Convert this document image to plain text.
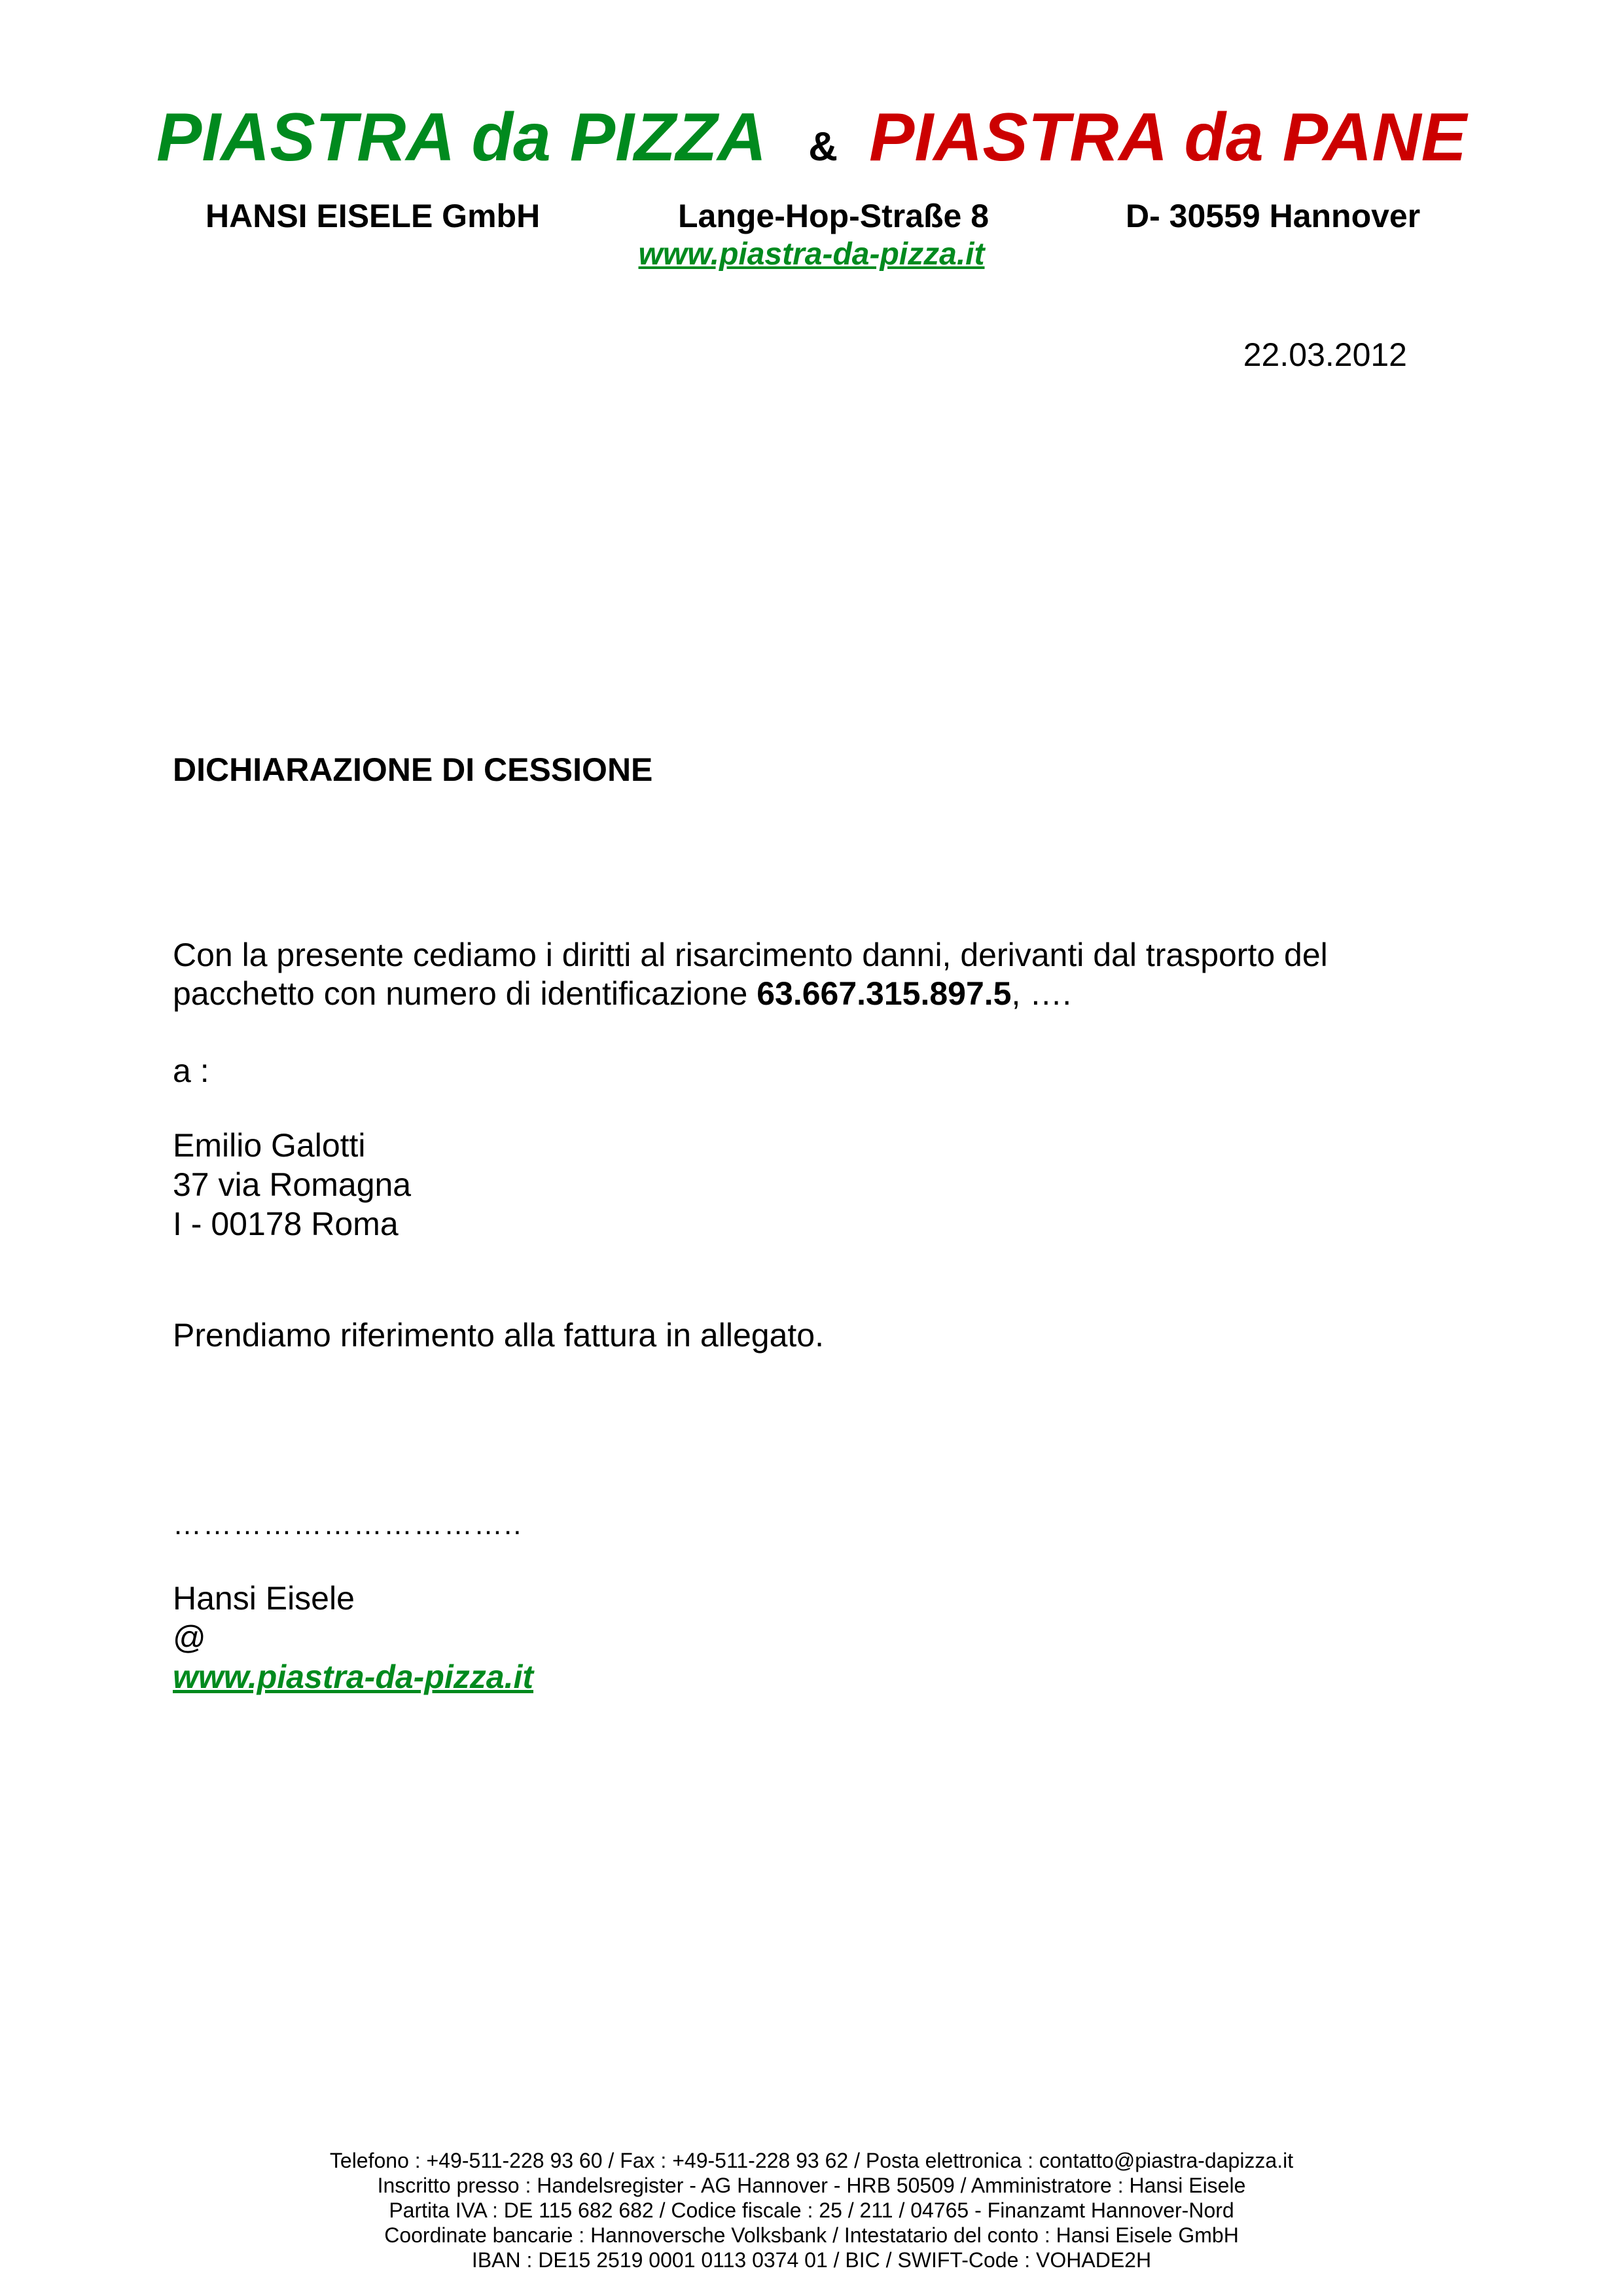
PIASTRA da PIZZA & PIASTRA da PANE
HANSI EISELE GmbH	Lange-Hop-Straße 8	D- 30559 Hannover
www.piastra-da-pizza.it
22.03.2012
DICHIARAZIONE DI CESSIONE
Con la presente cediamo i diritti al risarcimento danni, derivanti dal trasporto del
pacchetto con numero di identificazione 63.667.315.897.5, ….
a :
Emilio Galotti
37 via Romagna
I - 00178 Roma
Prendiamo riferimento alla fattura in allegato.
……………………………..
Hansi Eisele
@
www.piastra-da-pizza.it
Telefono : +49-511-228 93 60 / Fax : +49-511-228 93 62 / Posta elettronica : contatto@piastra-dapizza.it
Inscritto presso : Handelsregister - AG Hannover - HRB 50509 / Amministratore : Hansi Eisele
Partita IVA : DE 115 682 682 / Codice fiscale : 25 / 211 / 04765 - Finanzamt Hannover-Nord
Coordinate bancarie : Hannoversche Volksbank / Intestatario del conto : Hansi Eisele GmbH
IBAN : DE15 2519 0001 0113 0374 01 / BIC / SWIFT-Code : VOHADE2H
